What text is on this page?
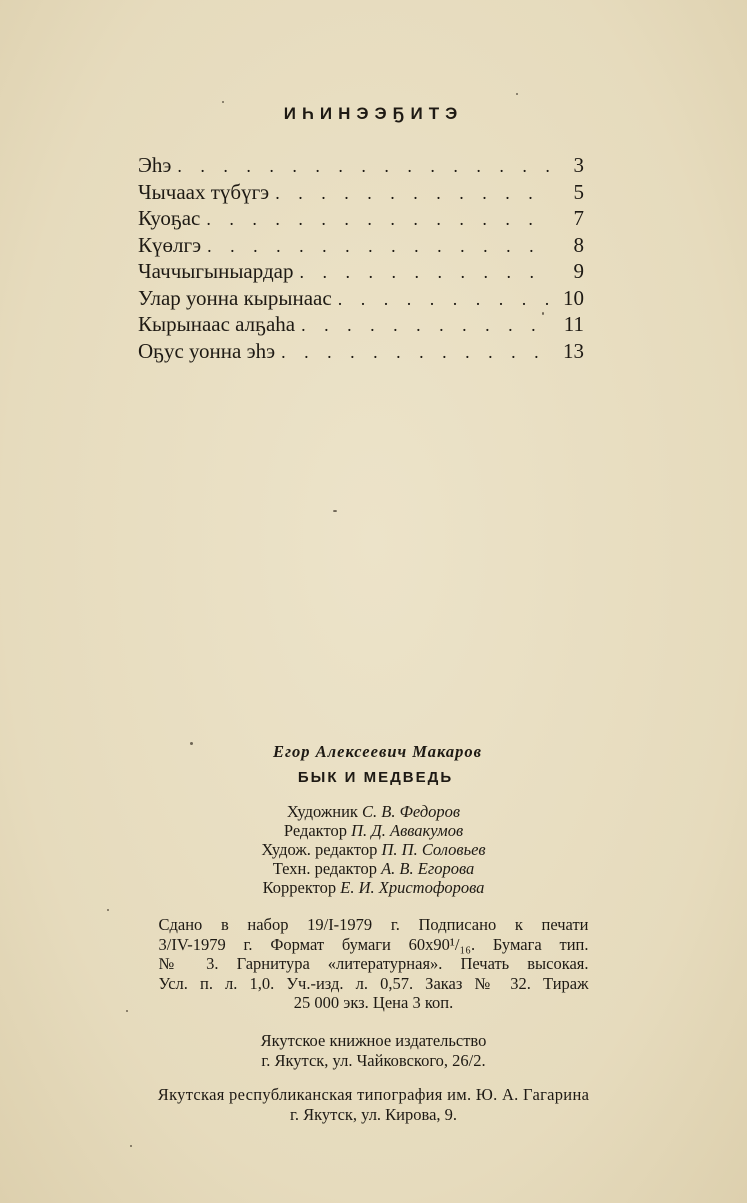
ИҺИНЭЭҔИТЭ
Эһэ . . .	3
Чычаах түбүгэ . . .	5
Куоҕас . . .	7
Күөлгэ . . .	8
Чаччыгыныардар . . .	9
Улар уонна кырынаас . . .	10
Кырынаас алҕаһа . . .	11
Оҕус уонна эһэ . . .	13
Егор Алексеевич Макаров
БЫК И МЕДВЕДЬ
Художник С. В. Федоров
Редактор П. Д. Аввакумов
Худож. редактор П. П. Соловьев
Техн. редактор А. В. Егорова
Корректор Е. И. Христофорова
Сдано в набор 19/I-1979 г. Подписано к печати
3/IV-1979 г. Формат бумаги 60х90¹/₁₆. Бумага тип.
№ 3. Гарнитура «литературная». Печать высокая.
Усл. п. л. 1,0. Уч.-изд. л. 0,57. Заказ № 32. Тираж
25 000 экз. Цена 3 коп.
Якутское книжное издательство
г. Якутск, ул. Чайковского, 26/2.
Якутская республиканская типография им. Ю. А. Гагарина
г. Якутск, ул. Кирова, 9.
